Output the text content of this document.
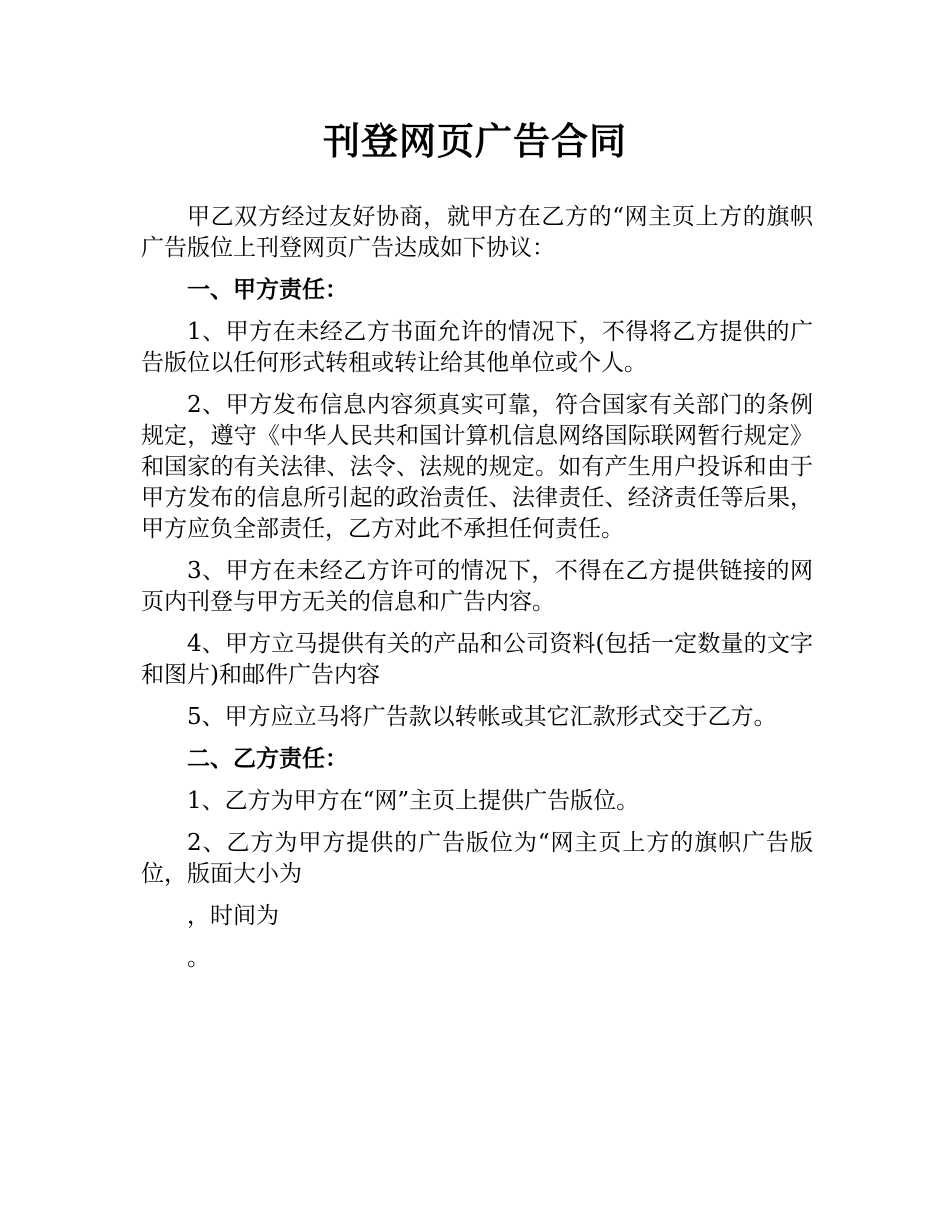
刊登网页广告合同

甲乙双方经过友好协商，就甲方在乙方的“网主页上方的旗帜广告版位上刊登网页广告达成如下协议：

一、甲方责任：

1、甲方在未经乙方书面允许的情况下，不得将乙方提供的广告版位以任何形式转租或转让给其他单位或个人。

2、甲方发布信息内容须真实可靠，符合国家有关部门的条例规定，遵守《中华人民共和国计算机信息网络国际联网暂行规定》和国家的有关法律、法令、法规的规定。如有产生用户投诉和由于甲方发布的信息所引起的政治责任、法律责任、经济责任等后果，甲方应负全部责任，乙方对此不承担任何责任。

3、甲方在未经乙方许可的情况下，不得在乙方提供链接的网页内刊登与甲方无关的信息和广告内容。

4、甲方立马提供有关的产品和公司资料(包括一定数量的文字和图片)和邮件广告内容

5、甲方应立马将广告款以转帐或其它汇款形式交于乙方。

二、乙方责任：

1、乙方为甲方在“网”主页上提供广告版位。

2、乙方为甲方提供的广告版位为“网主页上方的旗帜广告版位，版面大小为

，时间为

。
